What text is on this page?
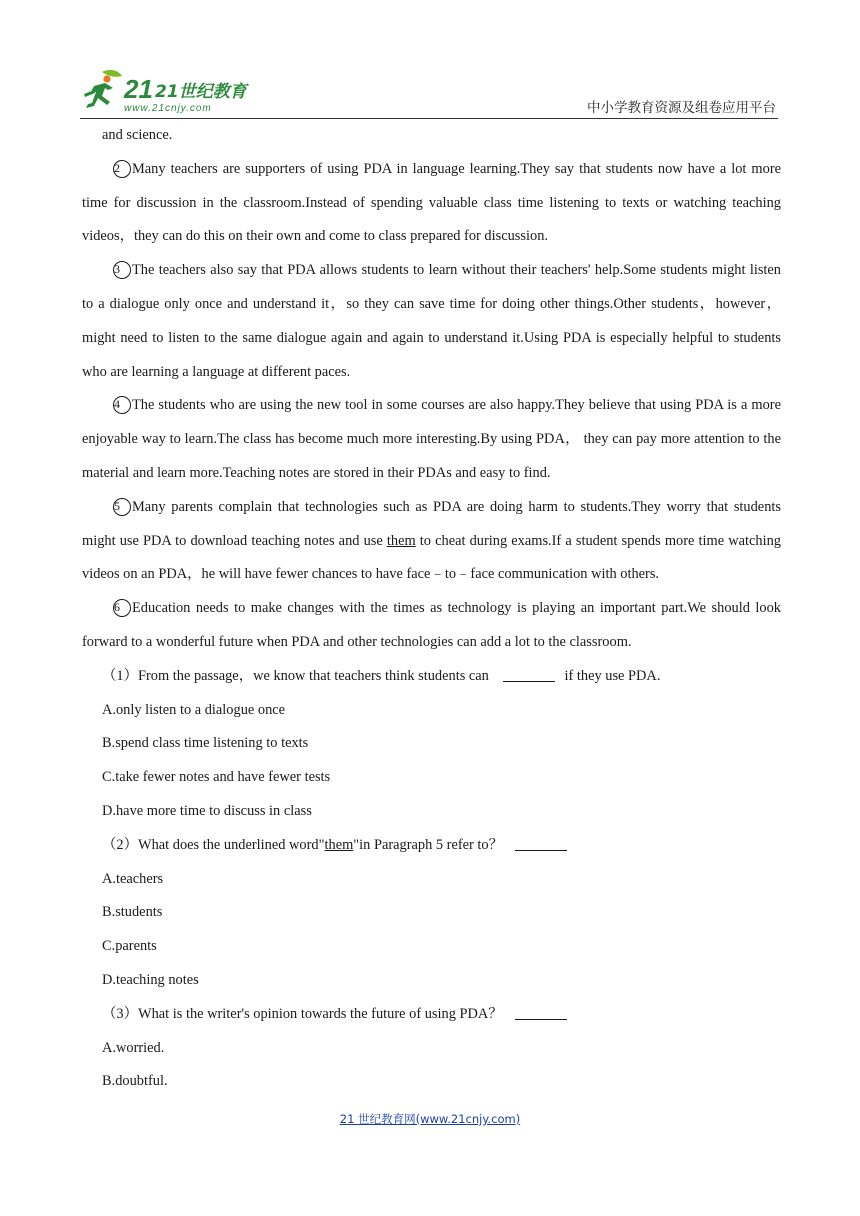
21 21世纪教育
www.21cnjy.com	中小学教育资源及组卷应用平台

and science.

2 Many teachers are supporters of using PDA in language learning.They say that students now have a lot more time for discussion in the classroom.Instead of spending valuable class time listening to texts or watching teaching videos，they can do this on their own and come to class prepared for discussion.

3 The teachers also say that PDA allows students to learn without their teachers' help.Some students might listen to a dialogue only once and understand it，so they can save time for doing other things.Other students，however， might need to listen to the same dialogue again and again to understand it.Using PDA is especially helpful to students who are learning a language at different paces.

4 The students who are using the new tool in some courses are also happy.They believe that using PDA is a more enjoyable way to learn.The class has become much more interesting.By using PDA， they can pay more attention to the material and learn more.Teaching notes are stored in their PDAs and easy to find.

5 Many parents complain that technologies such as PDA are doing harm to students.They worry that students might use PDA to download teaching notes and use them to cheat during exams.If a student spends more time watching videos on an PDA，he will have fewer chances to have face﹣to﹣face communication with others.

6 Education needs to make changes with the times as technology is playing an important part.We should look forward to a wonderful future when PDA and other technologies can add a lot to the classroom.

（1）From the passage，we know that teachers think students can	if they use PDA.

A.only listen to a dialogue once

B.spend class time listening to texts

C.take fewer notes and have fewer tests

D.have more time to discuss in class

（2）What does the underlined word"them"in Paragraph 5 refer to？

A.teachers

B.students

C.parents

D.teaching notes

（3）What is the writer's opinion towards the future of using PDA？

A.worried.

B.doubtful.

21 世纪教育网(www.21cnjy.com)
